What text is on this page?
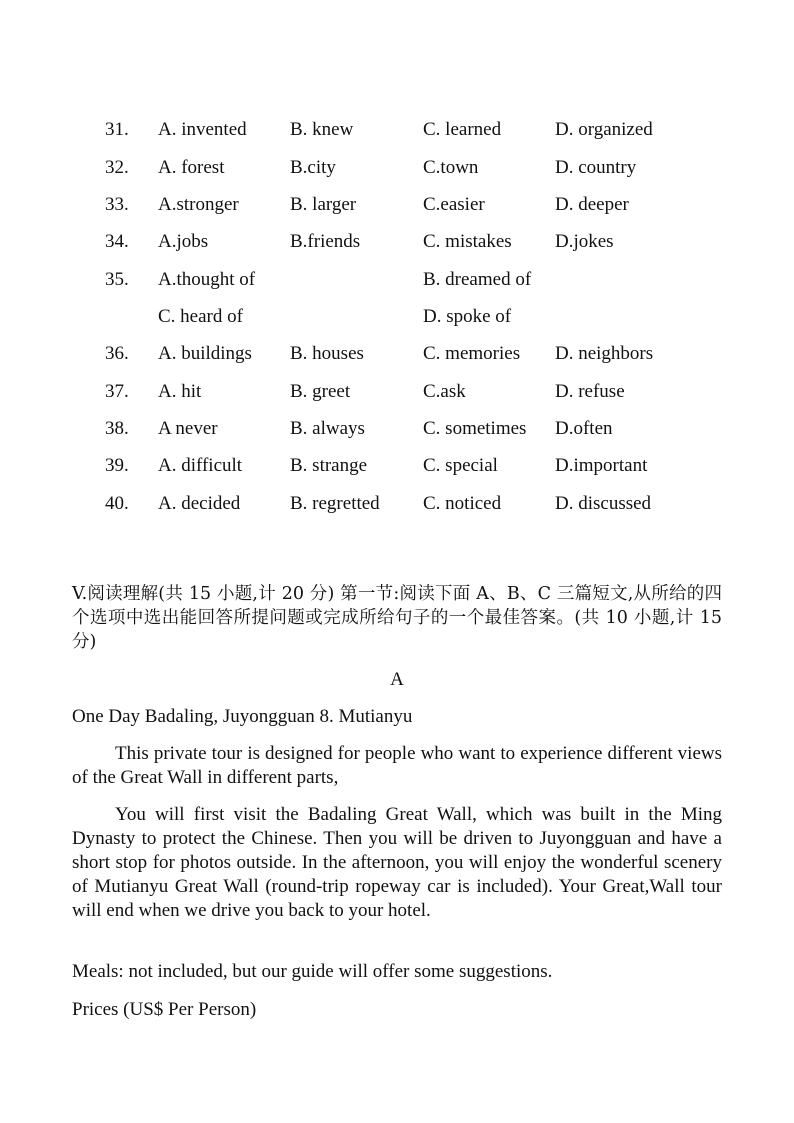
31. A. invented B. knew	C. learned	D. organized
32. A. forest	B.city	C.town	D. country
33. A.stronger	B. larger	C.easier	D. deeper
34. A.jobs	B.friends	C. mistakes D.jokes
35. A.thought of	B. dreamed of
C. heard of	D. spoke of
36. A. buildings B. houses	C. memories D. neighbors
37. A. hit	B. greet	C.ask	D. refuse
38. A never	B. always	C. sometimes D.often
39. A. difficult	B. strange	C. special	D.important
40. A. decided	B. regretted C. noticed	D. discussed
V.阅读理解(共 15 小题,计 20 分) 第一节:阅读下面 A、B、C 三篇短文,从所给的四个选项中选出能回答所提问题或完成所给句子的一个最佳答案。(共 10 小题,计 15 分)
A
One Day Badaling, Juyongguan 8. Mutianyu
This private tour is designed for people who want to experience different views of the Great Wall in different parts,
You will first visit the Badaling Great Wall, which was built in the Ming Dynasty to protect the Chinese. Then you will be driven to Juyongguan and have a short stop for photos outside. In the afternoon, you will enjoy the wonderful scenery of Mutianyu Great Wall (round-trip ropeway car is included). Your Great,Wall tour will end when we drive you back to your hotel.
Meals: not included, but our guide will offer some suggestions.
Prices (US$ Per Person)
